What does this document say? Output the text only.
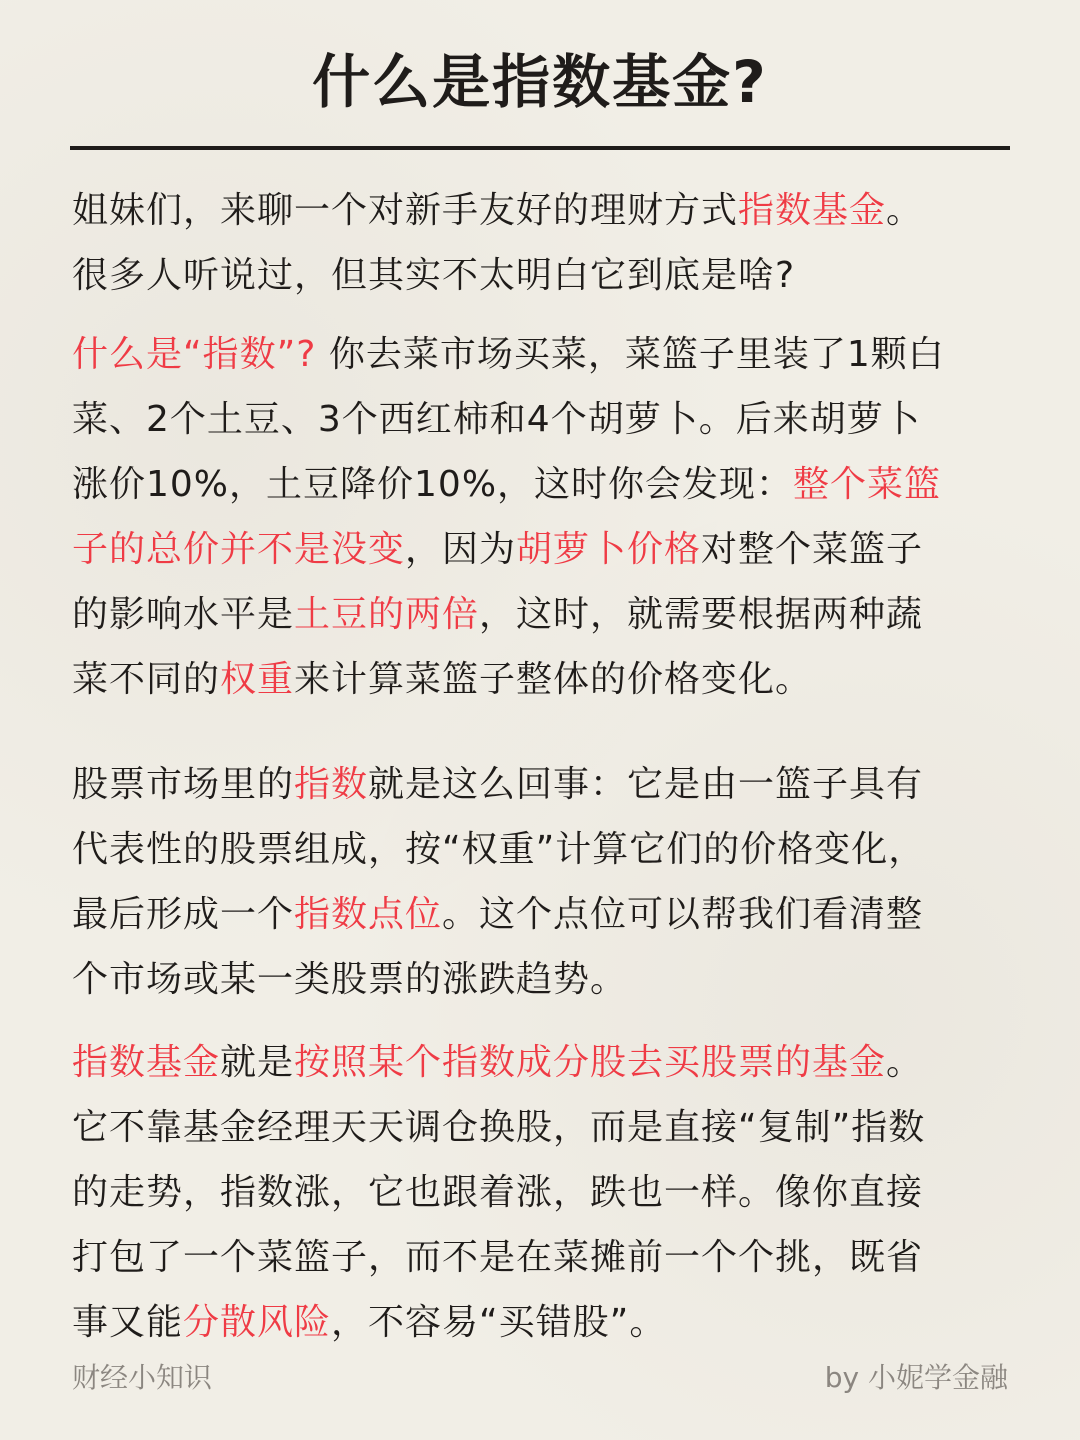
什么是指数基金?

姐妹们，来聊一个对新手友好的理财方式指数基金。
很多人听说过，但其实不太明白它到底是啥?

什么是“指数”? 你去菜市场买菜，菜篮子里装了1颗白
菜、2个土豆、3个西红柿和4个胡萝卜。后来胡萝卜
涨价10%，土豆降价10%，这时你会发现：整个菜篮
子的总价并不是没变，因为胡萝卜价格对整个菜篮子
的影响水平是土豆的两倍，这时，就需要根据两种蔬
菜不同的权重来计算菜篮子整体的价格变化。

股票市场里的指数就是这么回事：它是由一篮子具有
代表性的股票组成，按“权重”计算它们的价格变化，
最后形成一个指数点位。这个点位可以帮我们看清整
个市场或某一类股票的涨跌趋势。

指数基金就是按照某个指数成分股去买股票的基金。
它不靠基金经理天天调仓换股，而是直接“复制”指数
的走势，指数涨，它也跟着涨，跌也一样。像你直接
打包了一个菜篮子，而不是在菜摊前一个个挑，既省
事又能分散风险，不容易“买错股”。

财经小知识	by 小妮学金融
